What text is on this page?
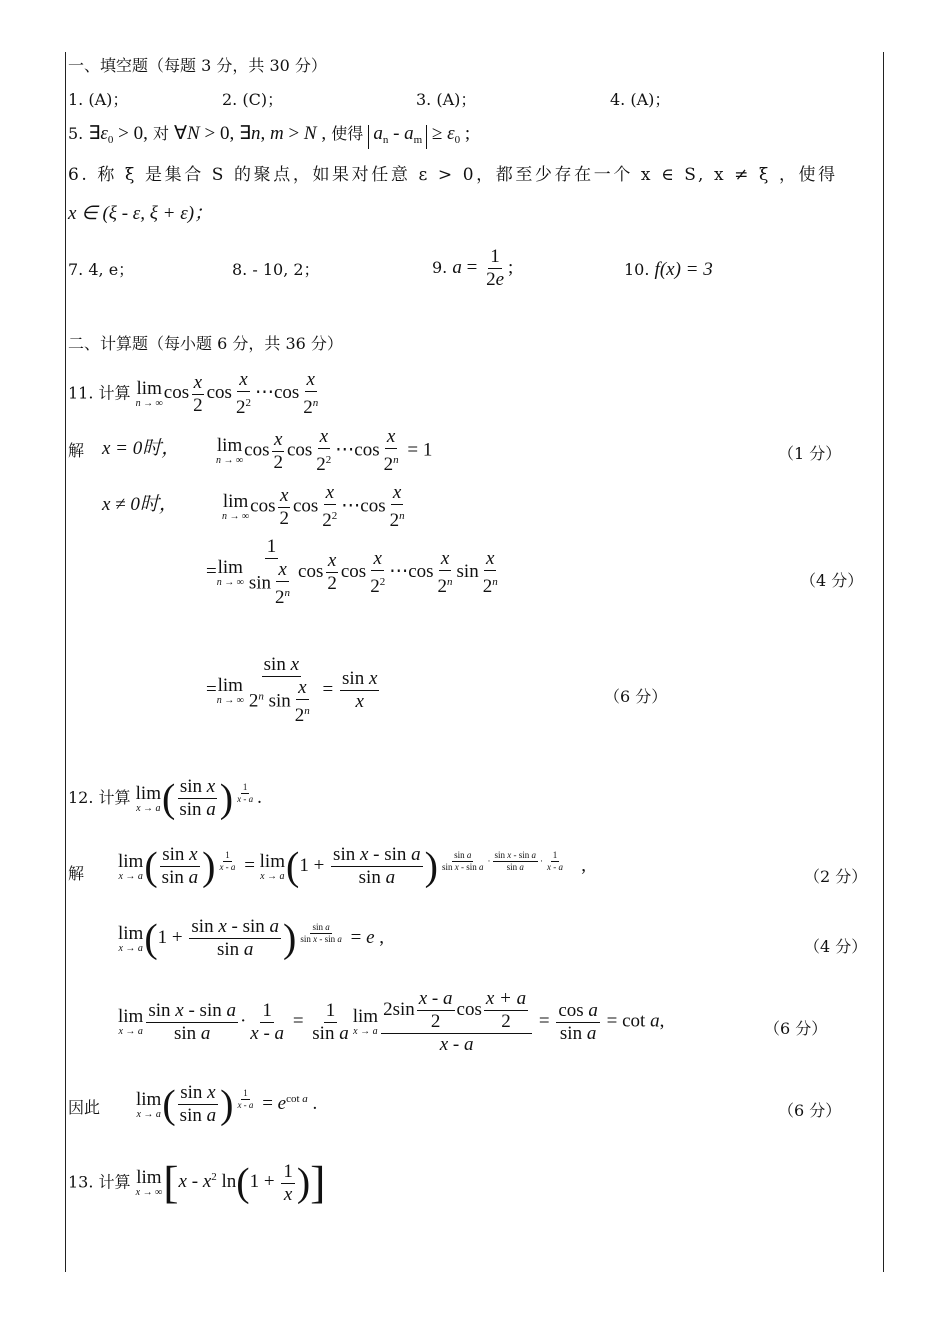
一、填空题（每题 3 分，共 30 分）
1. (A)；	2. (C)；	3. (A)；	4. (A)；
5. $\exists\varepsilon_0 > 0$, 对 ∀N > 0, ∃n, m > N , 使得 $a_n - a_m \ge \varepsilon_0$ ;
6. 称 ξ 是集合 S 的聚点，如果对任意 ε > 0，都至少存在一个 x ∈ S, x ≠ ξ ，使得
x ∈ (ξ - ε, ξ + ε)；
7. 4, e；	8. - 10, 2；	9. $a = \frac{1}{2e}$ ;	10. f(x) = 3
二、计算题（每小题 6 分，共 36 分）
11. 计算 lim
n → ∞
$\cos \frac{x}{2}$ $\cos \frac{x}{2^2}$ ⋯cos $\frac{x}{2^n}$
解 x = 0时， lim
n → ∞
$\cos \frac{x}{2}$ $\cos \frac{x}{2^2}$ ⋯cos $\frac{x}{2^n} = 1$	（1 分）
x ≠ 0时， lim
n → ∞
$\cos \frac{x}{2}$ $\cos \frac{x}{2^2}$ ⋯cos $\frac{x}{2^n}$
=lim
n → ∞ $\frac{1}{\sin \frac{x}{2^n}}$ $\cos \frac{x}{2}$ $\cos \frac{x}{2^2}$ ⋯cos $\frac{x}{2^n}$ $\sin \frac{x}{2^n}$	（4 分）
=lim
n → ∞ $\frac{\text{sin x}}{2^n \sin \frac{x}{2^n}} = \frac{\text{sin x}}{x}$	（6 分）
12. 计算 lim
x → a ( $\frac{\text{sin x}}{\text{sin a}}$ ) $^{\frac{1}{x - a}}$ .
解
lim
x → a ( $\frac{\text{sin x}}{\text{sin a}}$ ) $^{\frac{1}{x - a}}$ = lim
x → a ($1 + \frac{\text{sin x - sin a}}{\text{sin a}}$ ) $^{\frac{\text{sin a}}{\text{sin x - sin a}} \cdot \frac{\text{sin x - sin a}}{\text{sin a}} \cdot \frac{1}{x - a}}$ ,
（2 分）
lim
x → a ($1 + \frac{\text{sin x - sin a}}{\text{sin a}}$ ) $^{\frac{\text{sin a}}{\text{sin x - sin a}}}$ = e ,	（4 分）
lim
x → a $\frac{\text{sin x - sin a}}{\text{sin a}} \cdot \frac{1}{x - a} = \frac{1}{\text{sin a}}$ lim
x → a $\frac{2\sin \frac{x - a}{2} \cos \frac{x + a}{2}}{x - a} = \frac{\text{cos a}}{\text{sin a}} = \cot a$,	（6 分）
因此 lim
x → a ( $\frac{\text{sin x}}{\text{sin a}}$ ) $^{\frac{1}{x - a}} = e^{cot a}$ .	（6 分）
13. 计算 lim
x → ∞ [$x - x^2$ $\ln(1 + \frac{1}{x}$ )]
